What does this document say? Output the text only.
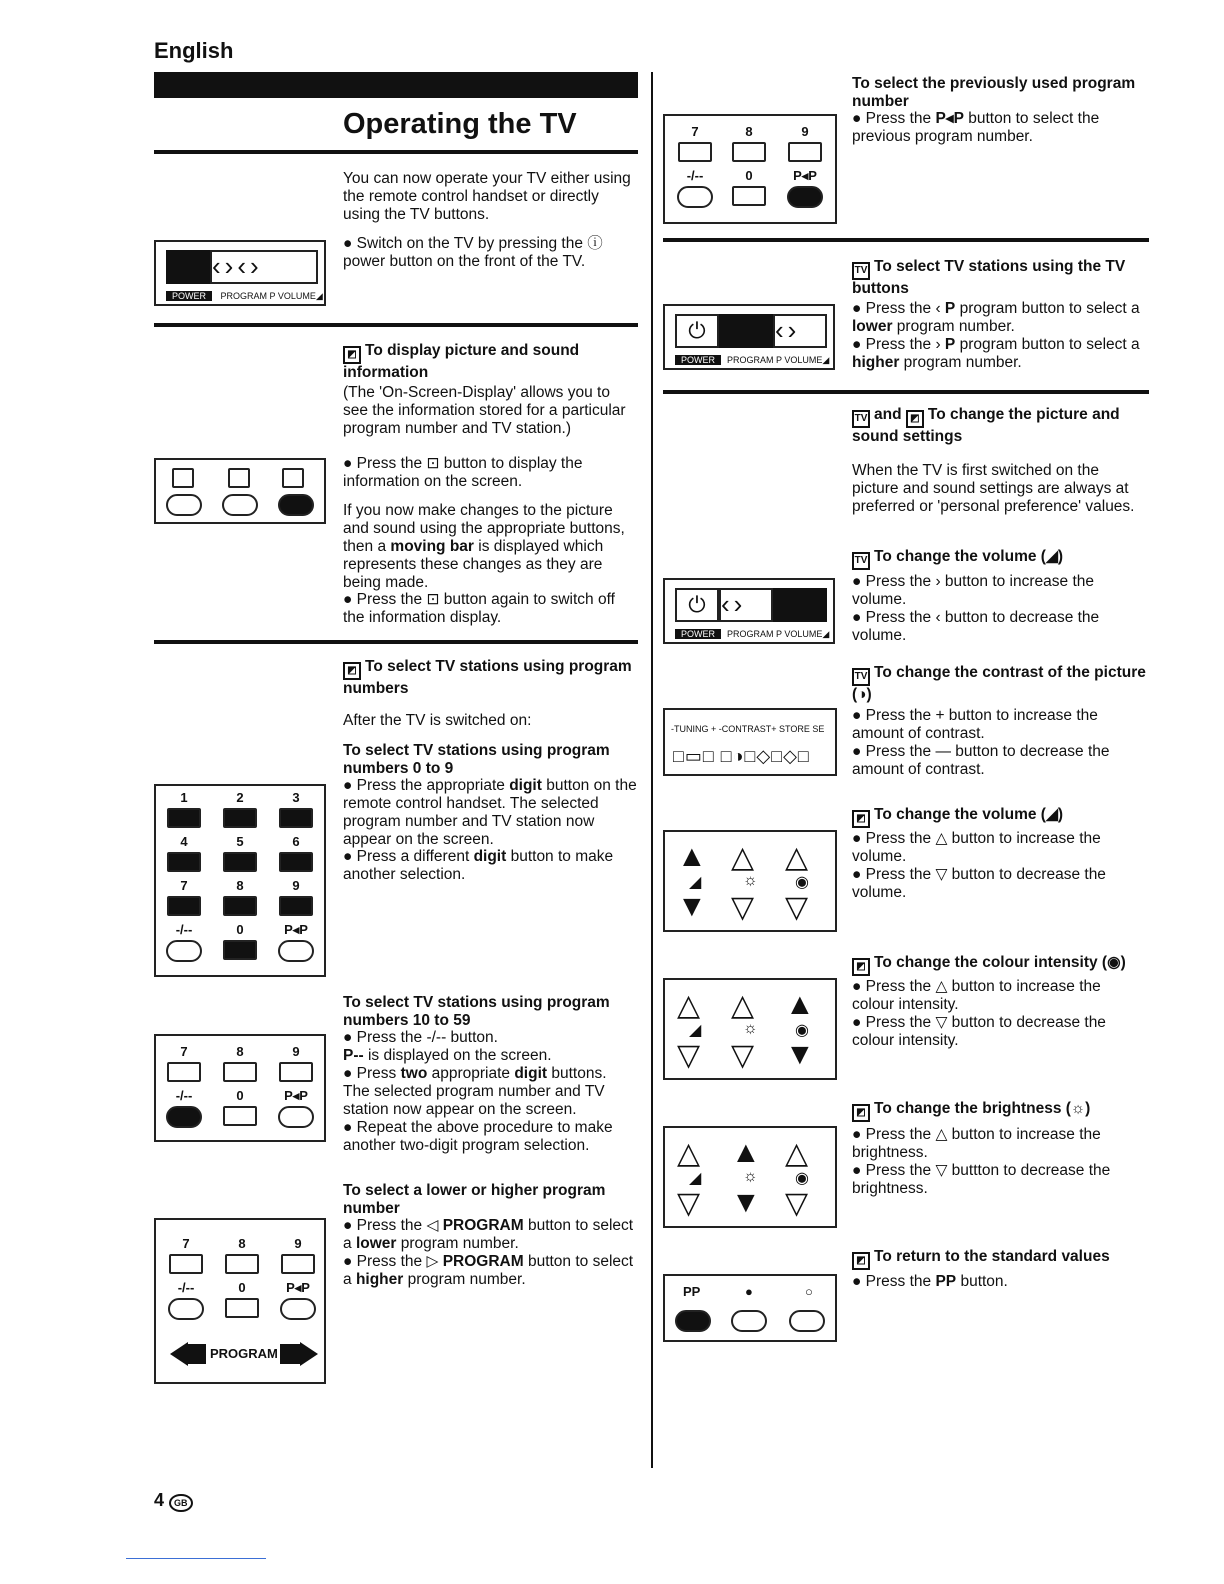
English
Operating the TV
You can now operate your TV either using the remote control handset or directly using the TV buttons.
● Switch on the TV by pressing the ⓘ power button on the front of the TV.
‹›‹›
POWER PROGRAM P VOLUME◢
◩ To display picture and sound information
(The 'On-Screen-Display' allows you to see the information stored for a particular program number and TV station.)
● Press the ⊡ button to display the information on the screen.
If you now make changes to the picture and sound using the appropriate buttons, then a moving bar is displayed which represents these changes as they are being made.
● Press the ⊡ button again to switch off the information display.
◩ To select TV stations using program numbers
After the TV is switched on:
To select TV stations using program numbers 0 to 9
● Press the appropriate digit button on the remote control handset. The selected program number and TV station now appear on the screen.
● Press a different digit button to make another selection.
1	2	3
4	5	6
7	8	9
-/--	0	P◂P
To select TV stations using program numbers 10 to 59

● Press the -/-- button.

P-- is displayed on the screen.

● Press two appropriate digit buttons.

The selected program number and TV station now appear on the screen.

● Repeat the above procedure to make another two-digit program selection.

7	8	9
-/--	0	P◂P
To select a lower or higher program number

● Press the ◁ PROGRAM button to select a lower program number.

● Press the ▷ PROGRAM button to select a higher program number.

7	8	9
-/--	0	P◂P
PROGRAM
4 GB
7	8	9
-/--	0	P◂P
To select the previously used program number
● Press the P◂P button to select the previous program number.
⏻	‹›
POWER PROGRAM P VOLUME◢
TV To select TV stations using the TV buttons

● Press the ‹ P program button to select a lower program number.

● Press the › P program button to select a higher program number.

TV and ◩ To change the picture and sound settings
When the TV is first switched on the picture and sound settings are always at preferred or 'personal preference' values.
⏻ ‹›
POWER PROGRAM P VOLUME◢
TV To change the volume (◢)

● Press the › button to increase the volume.

● Press the ‹ button to decrease the volume.

-TUNING + -CONTRAST+ STORE SE
□▭□ □◑□◇□◇□
TV To change the contrast of the picture (◑)

● Press the + button to increase the amount of contrast.

● Press the — button to decrease the amount of contrast.

▲ △ △
◢	☼ ◉
▼ ▽ ▽
◩ To change the volume (◢)

● Press the △ button to increase the volume.

● Press the ▽ button to decrease the volume.

△ △ ▲
◢	☼ ◉
▽ ▽ ▼
◩ To change the colour intensity (◉)

● Press the △ button to increase the colour intensity.

● Press the ▽ button to decrease the colour intensity.

△ ▲ △
◢	☼ ◉
▽ ▼ ▽
◩ To change the brightness (☼)

● Press the △ button to increase the brightness.

● Press the ▽ buttton to decrease the brightness.

PP	●	○
◩ To return to the standard values
● Press the PP button.
